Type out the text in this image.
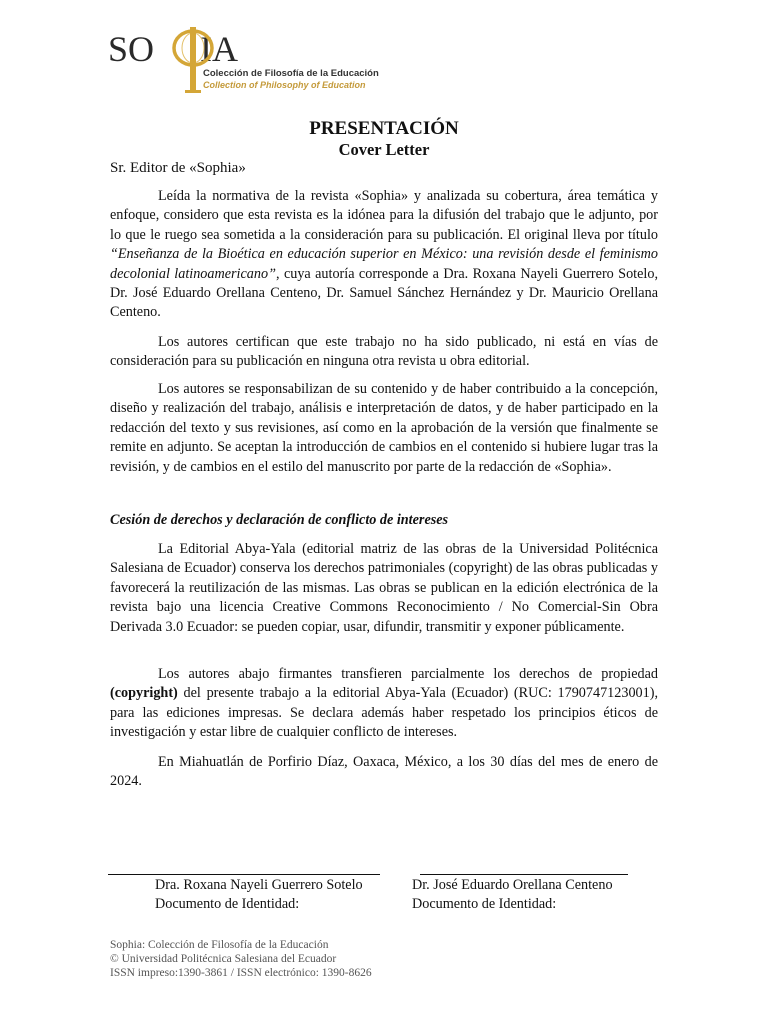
SO IA
Colección de Filosofía de la Educación
Collection of Philosophy of Education
PRESENTACIÓN
Cover Letter
Sr. Editor de «Sophia»

Leída la normativa de la revista «Sophia» y analizada su cobertura, área temática y enfoque, considero que esta revista es la idónea para la difusión del trabajo que le adjunto, por lo que le ruego sea sometida a la consideración para su publicación. El original lleva por título “Enseñanza de la Bioética en educación superior en México: una revisión desde el feminismo decolonial latinoamericano”, cuya autoría corresponde a Dra. Roxana Nayeli Guerrero Sotelo, Dr. José Eduardo Orellana Centeno, Dr. Samuel Sánchez Hernández y Dr. Mauricio Orellana Centeno.

Los autores certifican que este trabajo no ha sido publicado, ni está en vías de consideración para su publicación en ninguna otra revista u obra editorial.

Los autores se responsabilizan de su contenido y de haber contribuido a la concepción, diseño y realización del trabajo, análisis e interpretación de datos, y de haber participado en la redacción del texto y sus revisiones, así como en la aprobación de la versión que finalmente se remite en adjunto. Se aceptan la introducción de cambios en el contenido si hubiere lugar tras la revisión, y de cambios en el estilo del manuscrito por parte de la redacción de «Sophia».

Cesión de derechos y declaración de conflicto de intereses

La Editorial Abya-Yala (editorial matriz de las obras de la Universidad Politécnica Salesiana de Ecuador) conserva los derechos patrimoniales (copyright) de las obras publicadas y favorecerá la reutilización de las mismas. Las obras se publican en la edición electrónica de la revista bajo una licencia Creative Commons Reconocimiento / No Comercial-Sin Obra Derivada 3.0 Ecuador: se pueden copiar, usar, difundir, transmitir y exponer públicamente.

Los autores abajo firmantes transfieren parcialmente los derechos de propiedad (copyright) del presente trabajo a la editorial Abya-Yala (Ecuador) (RUC: 1790747123001), para las ediciones impresas. Se declara además haber respetado los principios éticos de investigación y estar libre de cualquier conflicto de intereses.

En Miahuatlán de Porfirio Díaz, Oaxaca, México, a los 30 días del mes de enero de 2024.

Dra. Roxana Nayeli Guerrero Sotelo
Documento de Identidad:
Dr. José Eduardo Orellana Centeno
Documento de Identidad:
Sophia: Colección de Filosofía de la Educación
© Universidad Politécnica Salesiana del Ecuador
ISSN impreso:1390-3861 / ISSN electrónico: 1390-8626
